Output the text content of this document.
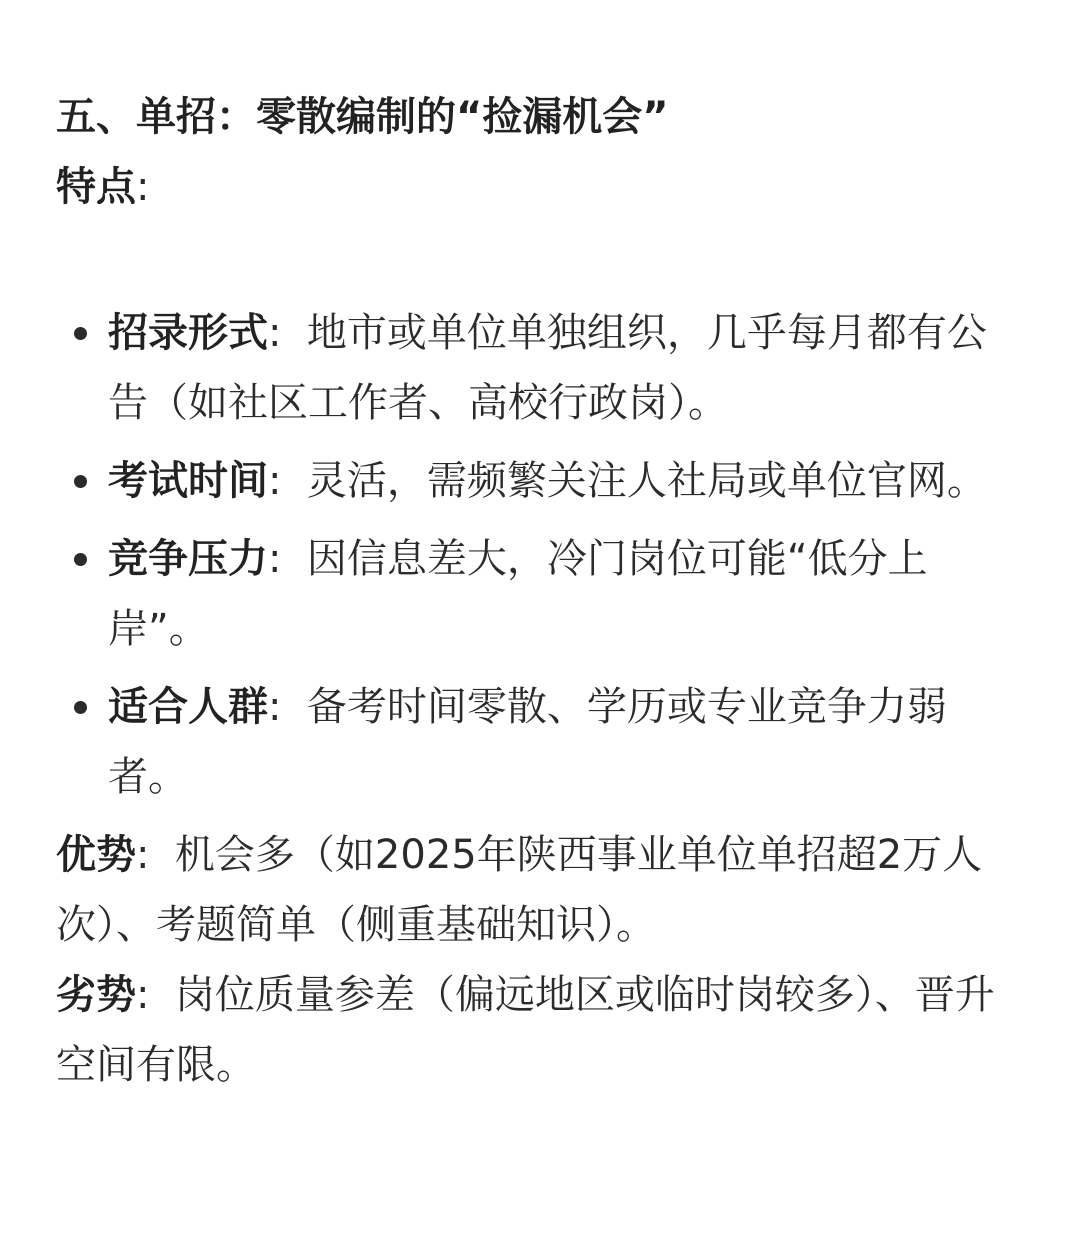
五、单招：零散编制的“捡漏机会”
特点:
招录形式: 地市或单位单独组织，几乎每月都有公告（如社区工作者、高校行政岗）。
考试时间: 灵活，需频繁关注人社局或单位官网。
竞争压力: 因信息差大，冷门岗位可能“低分上岸”。
适合人群: 备考时间零散、学历或专业竞争力弱者。
优势: 机会多（如2025年陕西事业单位单招超2万人次）、考题简单（侧重基础知识）。
劣势: 岗位质量参差（偏远地区或临时岗较多）、晋升空间有限。
